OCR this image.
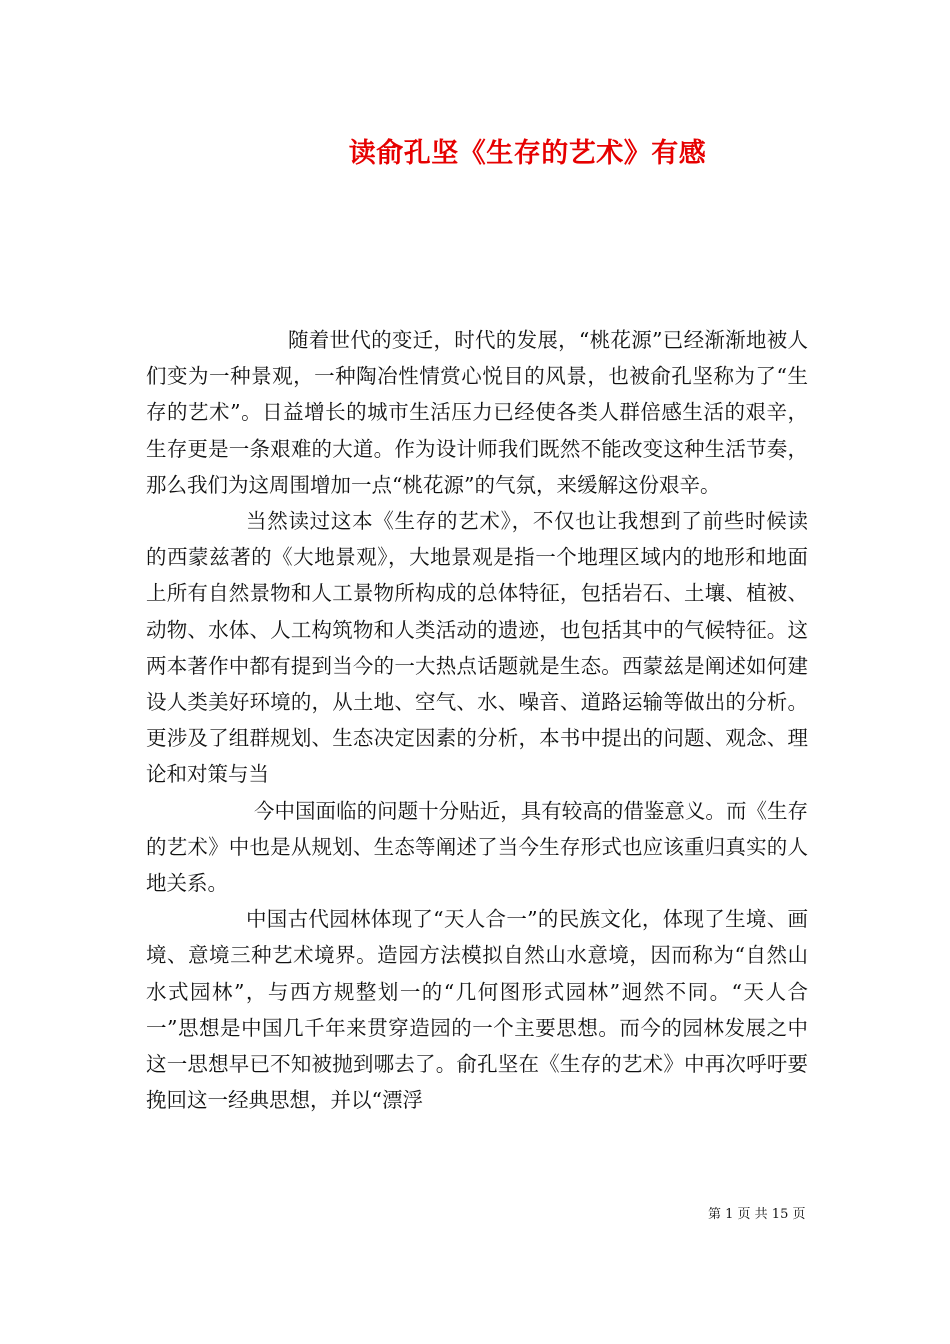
读俞孔坚《生存的艺术》有感

随着世代的变迁，时代的发展，“桃花源”已经渐渐地被人们变为一种景观，一种陶冶性情赏心悦目的风景，也被俞孔坚称为了“生存的艺术”。日益增长的城市生活压力已经使各类人群倍感生活的艰辛，生存更是一条艰难的大道。作为设计师我们既然不能改变这种生活节奏，那么我们为这周围增加一点“桃花源”的气氛，来缓解这份艰辛。

当然读过这本《生存的艺术》，不仅也让我想到了前些时候读的西蒙兹著的《大地景观》，大地景观是指一个地理区域内的地形和地面上所有自然景物和人工景物所构成的总体特征，包括岩石、土壤、植被、动物、水体、人工构筑物和人类活动的遗迹，也包括其中的气候特征。这两本著作中都有提到当今的一大热点话题就是生态。西蒙兹是阐述如何建设人类美好环境的，从土地、空气、水、噪音、道路运输等做出的分析。更涉及了组群规划、生态决定因素的分析，本书中提出的问题、观念、理论和对策与当

今中国面临的问题十分贴近，具有较高的借鉴意义。而《生存的艺术》中也是从规划、生态等阐述了当今生存形式也应该重归真实的人地关系。

中国古代园林体现了“天人合一”的民族文化，体现了生境、画境、意境三种艺术境界。造园方法模拟自然山水意境，因而称为“自然山水式园林”，与西方规整划一的“几何图形式园林”迥然不同。“天人合一”思想是中国几千年来贯穿造园的一个主要思想。而今的园林发展之中这一思想早已不知被抛到哪去了。俞孔坚在《生存的艺术》中再次呼吁要挽回这一经典思想，并以“漂浮

第 1 页 共 15 页
